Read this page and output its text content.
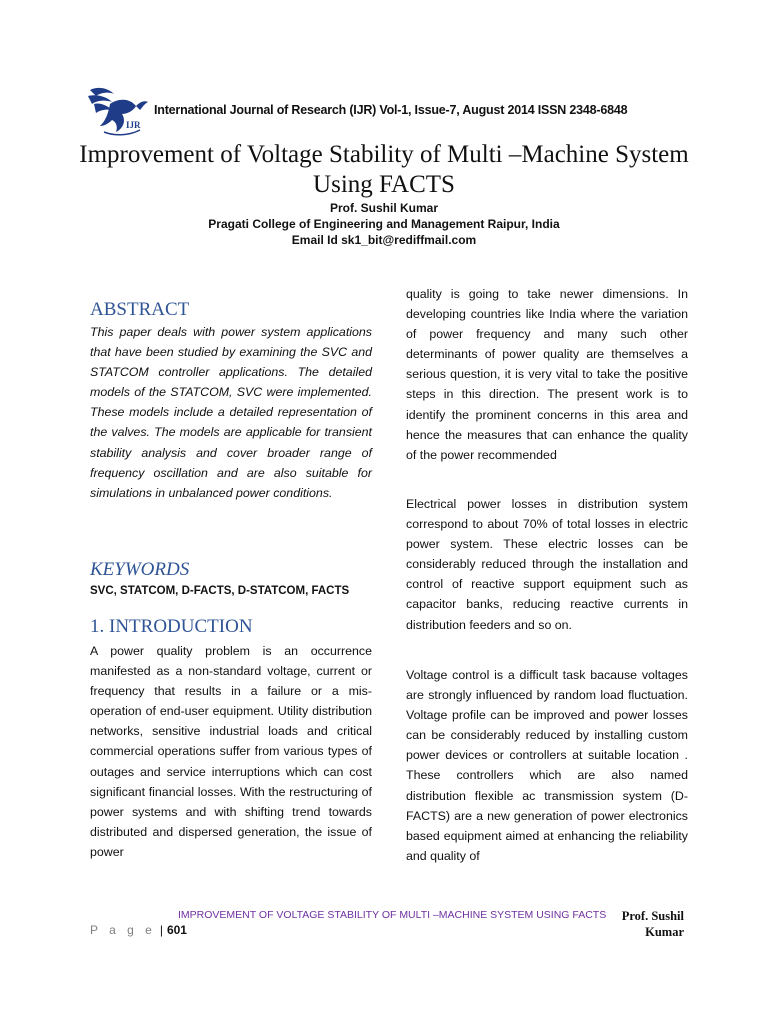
IJR
International Journal of Research (IJR) Vol-1, Issue-7, August 2014 ISSN 2348-6848
Improvement of Voltage Stability of Multi –Machine System Using FACTS
Prof. Sushil Kumar
Pragati College of Engineering and Management Raipur, India
Email Id sk1_bit@rediffmail.com
ABSTRACT
This paper deals with power system applications that have been studied by examining the SVC and STATCOM controller applications. The detailed models of the STATCOM, SVC were implemented. These models include a detailed representation of the valves. The models are applicable for transient stability analysis and cover broader range of frequency oscillation and are also suitable for simulations in unbalanced power conditions.
KEYWORDS
SVC, STATCOM, D-FACTS, D-STATCOM, FACTS
1. INTRODUCTION
A power quality problem is an occurrence manifested as a non-standard voltage, current or frequency that results in a failure or a mis-operation of end-user equipment. Utility distribution networks, sensitive industrial loads and critical commercial operations suffer from various types of outages and service interruptions which can cost significant financial losses. With the restructuring of power systems and with shifting trend towards distributed and dispersed generation, the issue of power
quality is going to take newer dimensions. In developing countries like India where the variation of power frequency and many such other determinants of power quality are themselves a serious question, it is very vital to take the positive steps in this direction. The present work is to identify the prominent concerns in this area and hence the measures that can enhance the quality of the power recommended
Electrical power losses in distribution system correspond to about 70% of total losses in electric power system. These electric losses can be considerably reduced through the installation and control of reactive support equipment such as capacitor banks, reducing reactive currents in distribution feeders and so on.
Voltage control is a difficult task bacause voltages are strongly influenced by random load fluctuation. Voltage profile can be improved and power losses can be considerably reduced by installing custom power devices or controllers at suitable location . These controllers which are also named distribution flexible ac transmission system (D-FACTS) are a new generation of power electronics based equipment aimed at enhancing the reliability and quality of
IMPROVEMENT OF VOLTAGE STABILITY OF MULTI –MACHINE SYSTEM USING FACTS	Prof. Sushil
Kumar
P a g e | 601
